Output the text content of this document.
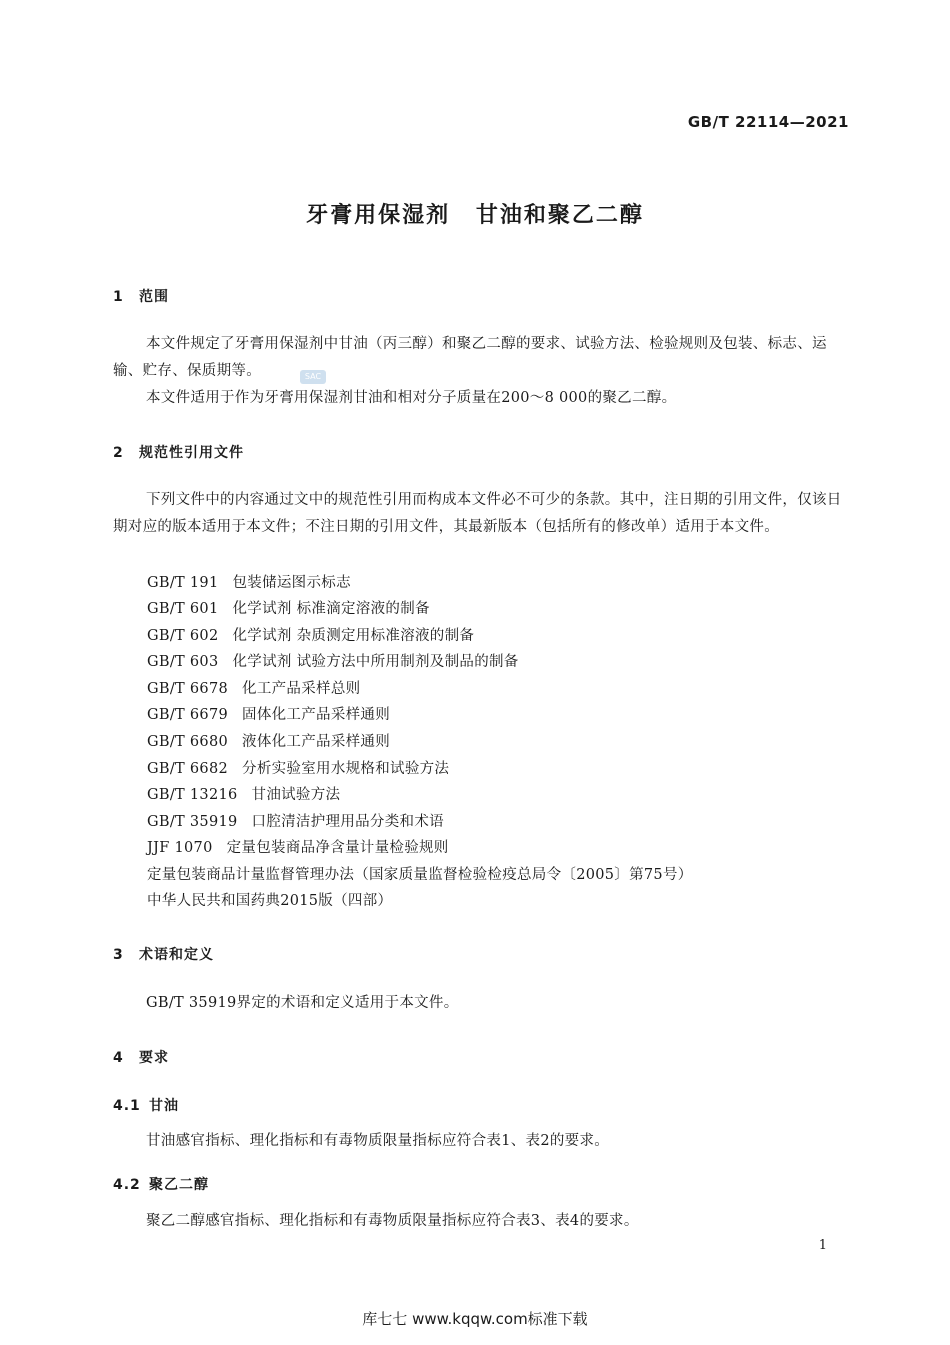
GB/T 22114—2021
牙膏用保湿剂 甘油和聚乙二醇
1 范围
本文件规定了牙膏用保湿剂中甘油（丙三醇）和聚乙二醇的要求、试验方法、检验规则及包装、标志、运输、贮存、保质期等。	SAC
本文件适用于作为牙膏用保湿剂甘油和相对分子质量在200～8 000的聚乙二醇。
2 规范性引用文件
下列文件中的内容通过文中的规范性引用而构成本文件必不可少的条款。其中，注日期的引用文件，仅该日期对应的版本适用于本文件；不注日期的引用文件，其最新版本（包括所有的修改单）适用于本文件。
GB/T 191 包装储运图示标志
GB/T 601 化学试剂 标准滴定溶液的制备
GB/T 602 化学试剂 杂质测定用标准溶液的制备
GB/T 603 化学试剂 试验方法中所用制剂及制品的制备
GB/T 6678 化工产品采样总则
GB/T 6679 固体化工产品采样通则
GB/T 6680 液体化工产品采样通则
GB/T 6682 分析实验室用水规格和试验方法
GB/T 13216 甘油试验方法
GB/T 35919 口腔清洁护理用品分类和术语
JJF 1070 定量包装商品净含量计量检验规则
定量包装商品计量监督管理办法（国家质量监督检验检疫总局令〔2005〕第75号）
中华人民共和国药典2015版（四部）
3 术语和定义
GB/T 35919界定的术语和定义适用于本文件。
4 要求
4.1 甘油
甘油感官指标、理化指标和有毒物质限量指标应符合表1、表2的要求。
4.2 聚乙二醇
聚乙二醇感官指标、理化指标和有毒物质限量指标应符合表3、表4的要求。
1
库七七 www.kqqw.com标准下载
